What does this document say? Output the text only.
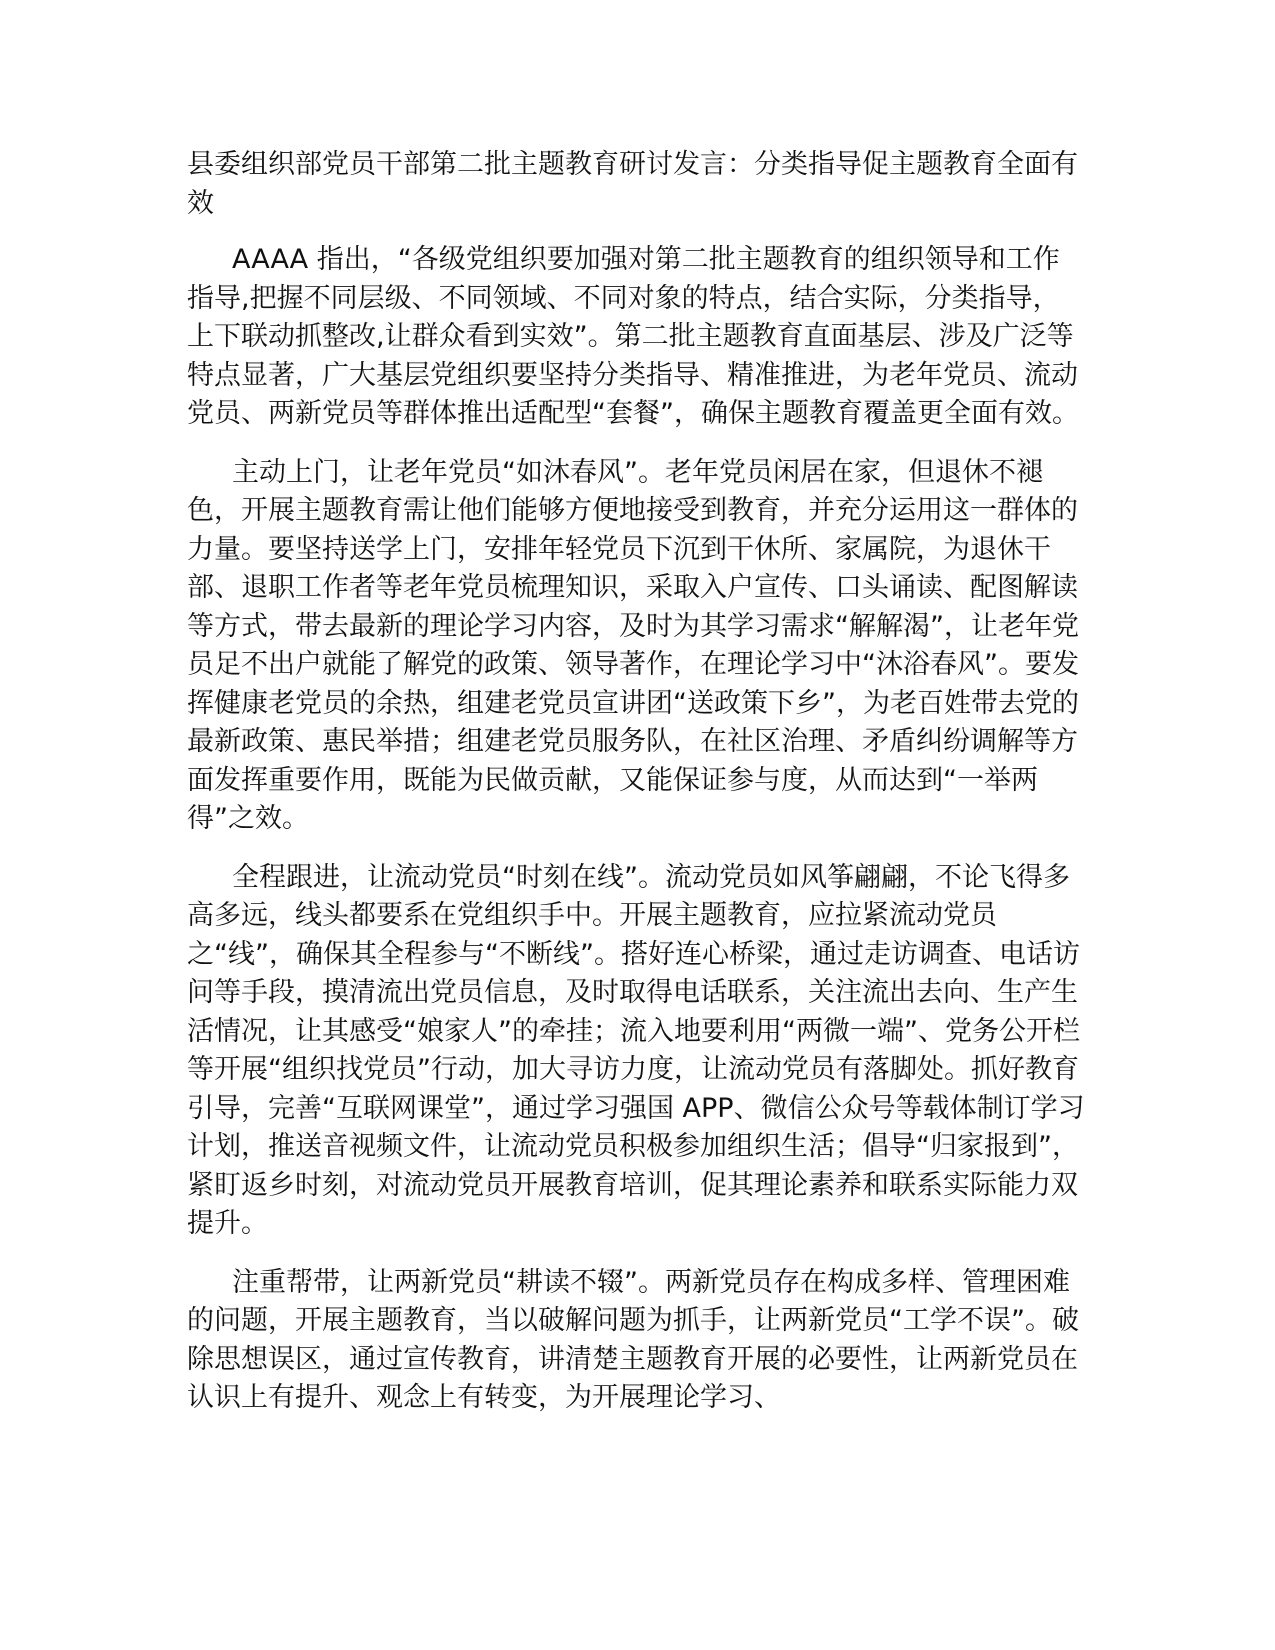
县委组织部党员干部第二批主题教育研讨发言：分类指导促主题教育全面有效

AAAA 指出，“各级党组织要加强对第二批主题教育的组织领导和工作指导,把握不同层级、不同领域、不同对象的特点，结合实际，分类指导，上下联动抓整改,让群众看到实效”。第二批主题教育直面基层、涉及广泛等特点显著，广大基层党组织要坚持分类指导、精准推进，为老年党员、流动党员、两新党员等群体推出适配型“套餐”，确保主题教育覆盖更全面有效。

主动上门，让老年党员“如沐春风”。老年党员闲居在家，但退休不褪色，开展主题教育需让他们能够方便地接受到教育，并充分运用这一群体的力量。要坚持送学上门，安排年轻党员下沉到干休所、家属院，为退休干部、退职工作者等老年党员梳理知识，采取入户宣传、口头诵读、配图解读等方式，带去最新的理论学习内容，及时为其学习需求“解解渴”，让老年党员足不出户就能了解党的政策、领导著作，在理论学习中“沐浴春风”。要发挥健康老党员的余热，组建老党员宣讲团“送政策下乡”，为老百姓带去党的最新政策、惠民举措；组建老党员服务队，在社区治理、矛盾纠纷调解等方面发挥重要作用，既能为民做贡献，又能保证参与度，从而达到“一举两得”之效。

全程跟进，让流动党员“时刻在线”。流动党员如风筝翩翩，不论飞得多高多远，线头都要系在党组织手中。开展主题教育，应拉紧流动党员之“线”，确保其全程参与“不断线”。搭好连心桥梁，通过走访调查、电话访问等手段，摸清流出党员信息，及时取得电话联系，关注流出去向、生产生活情况，让其感受“娘家人”的牵挂；流入地要利用“两微一端”、党务公开栏等开展“组织找党员”行动，加大寻访力度，让流动党员有落脚处。抓好教育引导，完善“互联网课堂”，通过学习强国 APP、微信公众号等载体制订学习计划，推送音视频文件，让流动党员积极参加组织生活；倡导“归家报到”，紧盯返乡时刻，对流动党员开展教育培训，促其理论素养和联系实际能力双提升。

注重帮带，让两新党员“耕读不辍”。两新党员存在构成多样、管理困难的问题，开展主题教育，当以破解问题为抓手，让两新党员“工学不误”。破除思想误区，通过宣传教育，讲清楚主题教育开展的必要性，让两新党员在认识上有提升、观念上有转变，为开展理论学习、
